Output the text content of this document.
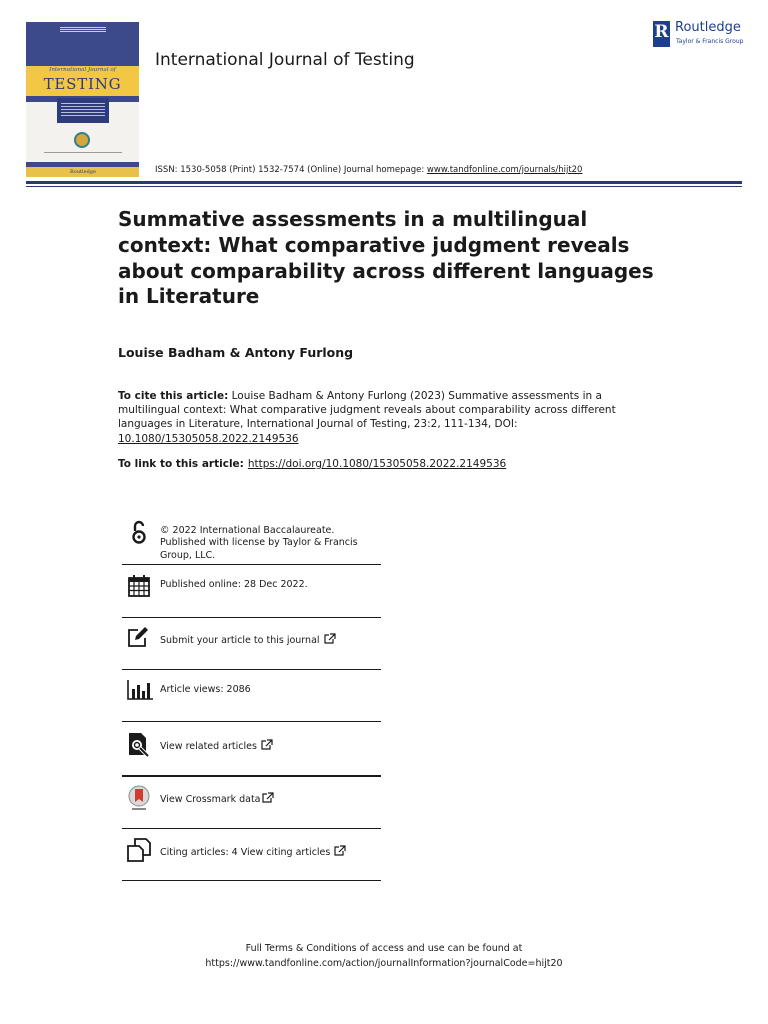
International Journal of
TESTING
Routledge
International Journal of Testing
R Routledge
Taylor & Francis Group
ISSN: 1530-5058 (Print) 1532-7574 (Online) Journal homepage: www.tandfonline.com/journals/hijt20
Summative assessments in a multilingual context: What comparative judgment reveals about comparability across different languages in Literature
Louise Badham & Antony Furlong
To cite this article: Louise Badham & Antony Furlong (2023) Summative assessments in a multilingual context: What comparative judgment reveals about comparability across different languages in Literature, International Journal of Testing, 23:2, 111-134, DOI: 10.1080/15305058.2022.2149536
To link to this article: https://doi.org/10.1080/15305058.2022.2149536
© 2022 International Baccalaureate. Published with license by Taylor & Francis Group, LLC.
Published online: 28 Dec 2022.
Submit your article to this journal
Article views: 2086
View related articles
View Crossmark data
Citing articles: 4 View citing articles
Full Terms & Conditions of access and use can be found at
https://www.tandfonline.com/action/journalInformation?journalCode=hijt20
